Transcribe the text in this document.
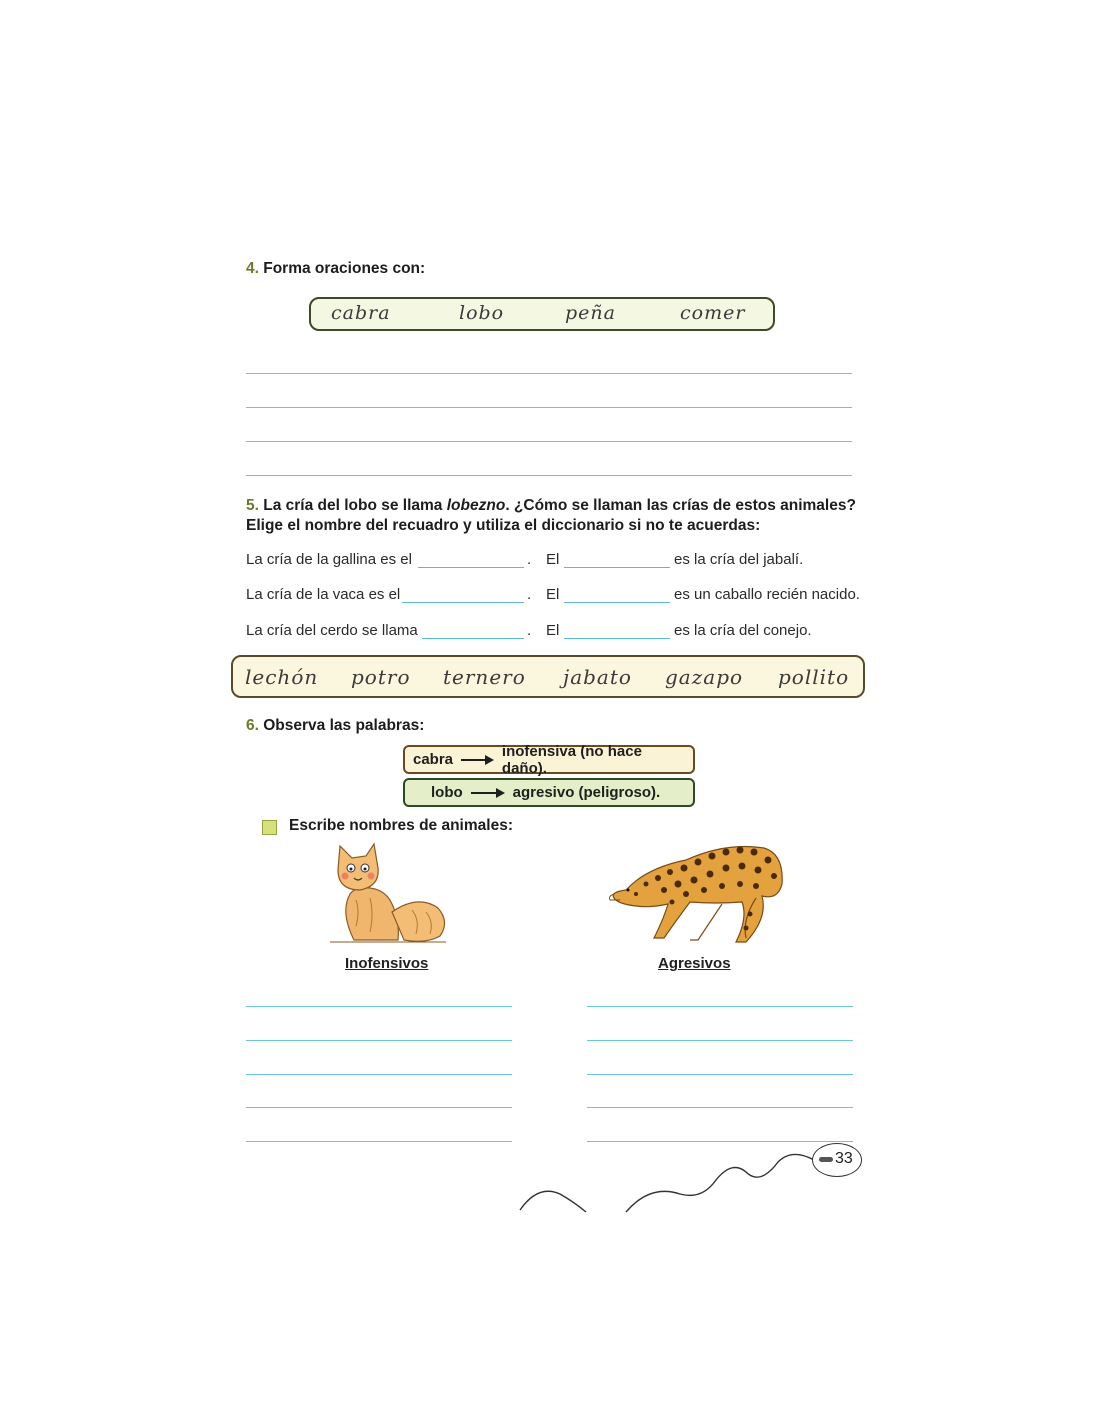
4. Forma oraciones con:
cabra	lobo	peña	comer
5. La cría del lobo se llama lobezno. ¿Cómo se llaman las crías de estos animales?
Elige el nombre del recuadro y utiliza el diccionario si no te acuerdas:
La cría de la gallina es el	. El	es la cría del jabalí.
La cría de la vaca es el	. El	es un caballo recién nacido.
La cría del cerdo se llama	. El	es la cría del conejo.
lechón potro ternero jabato gazapo pollito
6. Observa las palabras:
cabra	inofensiva (no hace daño).
lobo	agresivo (peligroso).
Escribe nombres de animales:
Inofensivos	Agresivos
33
